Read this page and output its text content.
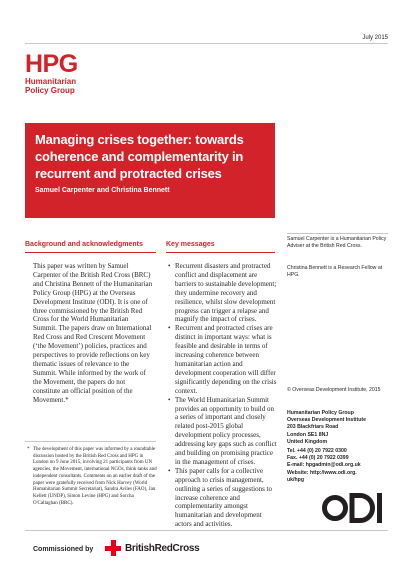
July 2015
HPG
Humanitarian
Policy Group
Managing crises together: towards coherence and complementarity in recurrent and protracted crises
Samuel Carpenter and Christina Bennett
Background and acknowledgments	Key messages

This paper was written by Samuel Carpenter of the British Red Cross (BRC) and Christina Bennett of the Humanitarian Policy Group (HPG) at the Overseas Development Institute (ODI). It is one of three commissioned by the British Red Cross for the World Humanitarian Summit. The papers draw on International Red Cross and Red Crescent Movement (‘the Movement’) policies, practices and perspectives to provide reflections on key thematic issues of relevance to the Summit. While informed by the work of the Movement, the papers do not constitute an official position of the Movement.*

* The development of this paper was informed by a roundtable discussion hosted by the British Red Cross and HPG in London on 9 June 2015, involving 21 participants from UN agencies, the Movement, international NGOs, think tanks and independent consultants. Comments on an earlier draft of the paper were gratefully received from Nick Harvey (World Humanitarian Summit Secretariat), Sandra Aviles (FAO), Jan Kellett (UNDP), Simon Levine (HPG) and Sorcha O'Callaghan (BRC).
• Recurrent disasters and protracted conflict and displacement are barriers to sustainable development; they undermine recovery and resilience, whilst slow development progress can trigger a relapse and magnify the impact of crises.
• Recurrent and protracted crises are distinct in important ways: what is feasible and desirable in terms of increasing coherence between humanitarian action and development cooperation will differ significantly depending on the crisis context.
• The World Humanitarian Summit provides an opportunity to build on a series of important and closely related post-2015 global development policy processes, addressing key gaps such as conflict and building on promising practice in the management of crises.
• This paper calls for a collective approach to crisis management, outlining a series of suggestions to increase coherence and complementarity amongst humanitarian and development actors and activities.
Samuel Carpenter is a Humanitarian Policy Adviser at the British Red Cross.
Christina Bennett is a Research Fellow at HPG.
© Overseas Development Institute, 2015
Humanitarian Policy Group
Overseas Development Institute
203 Blackfriars Road
London SE1 8NJ
United Kingdom
Tel. +44 (0) 20 7922 0300
Fax. +44 (0) 20 7922 0399
E-mail: hpgadmin@odi.org.uk
Website: http://www.odi.org.
uk/hpg
Commissioned by	BritishRedCross
